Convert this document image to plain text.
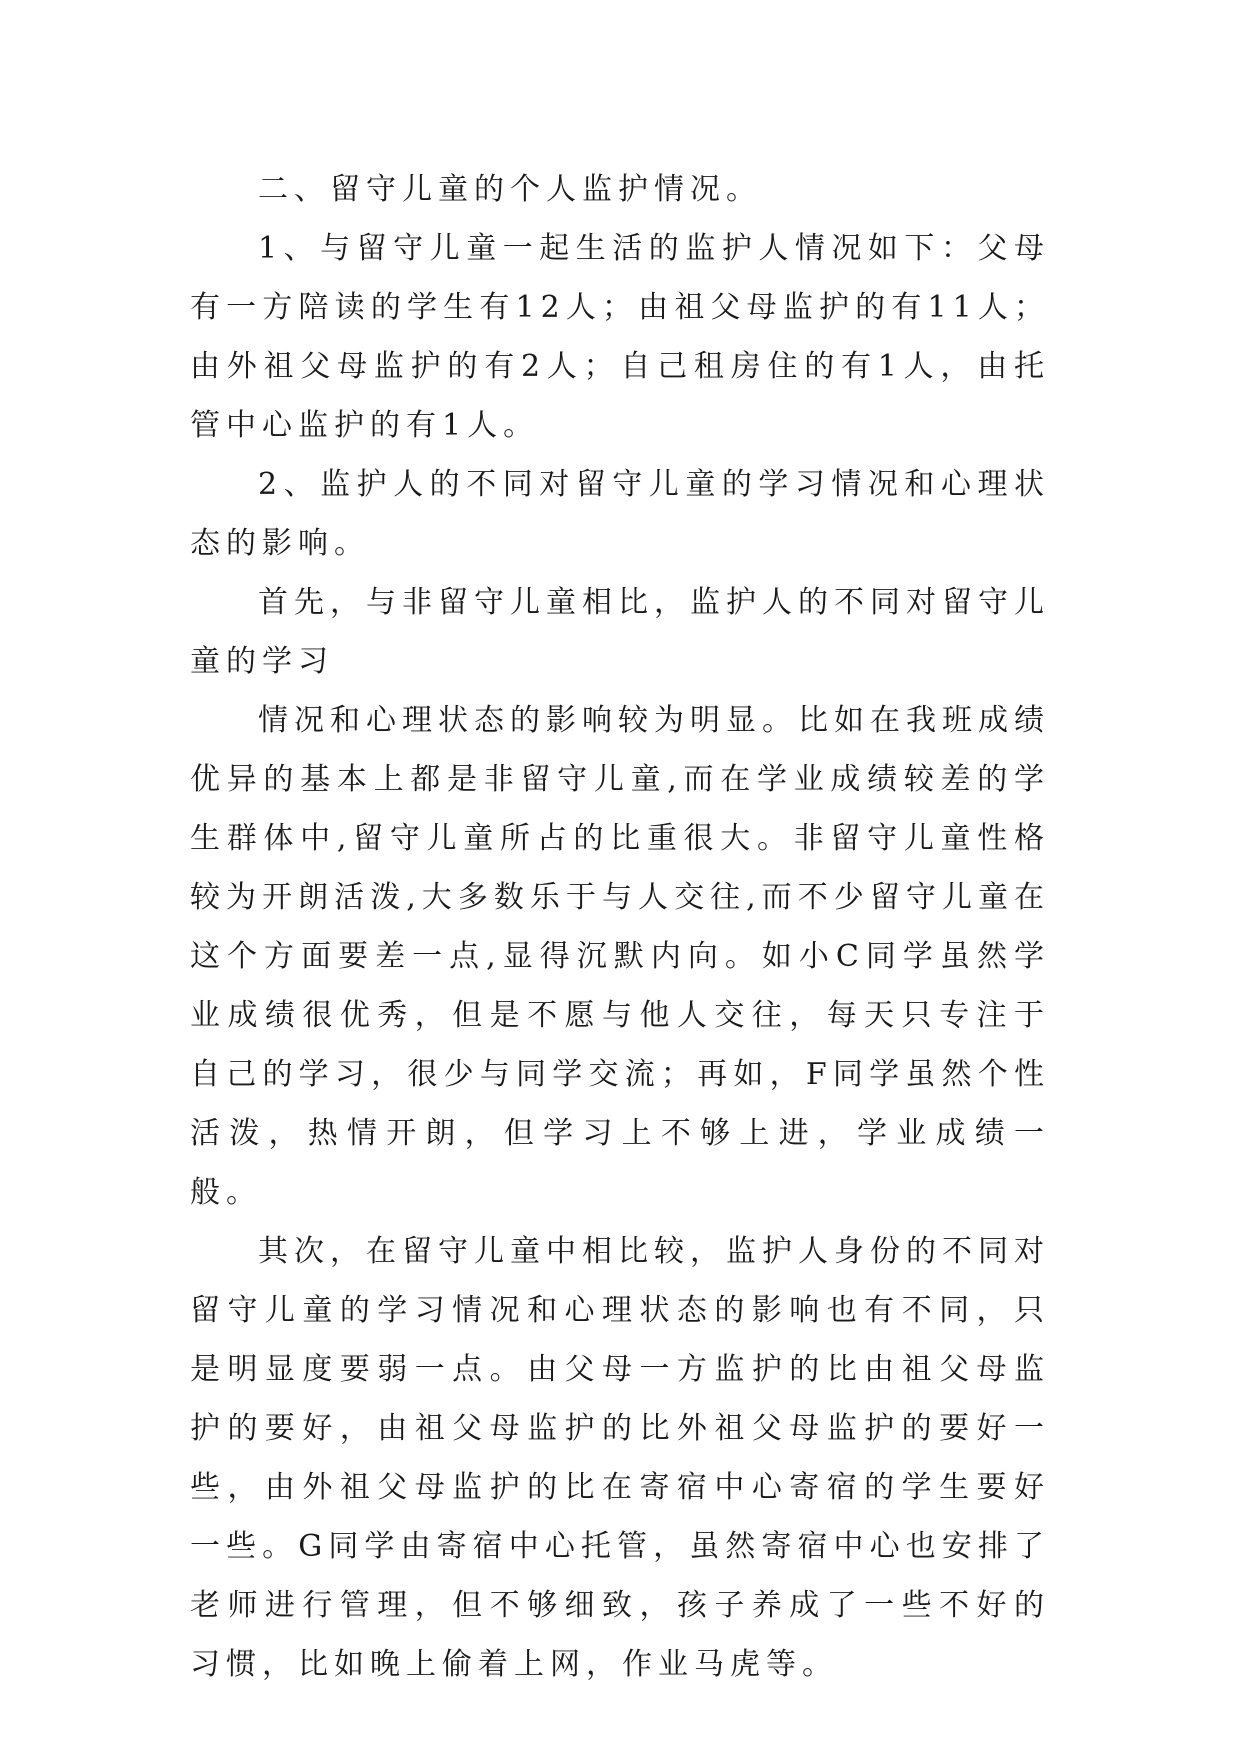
二、留守儿童的个人监护情况。

1、与留守儿童一起生活的监护人情况如下：父母有一方陪读的学生有12人；由祖父母监护的有11人；由外祖父母监护的有2人；自己租房住的有1人，由托管中心监护的有1人。

2、监护人的不同对留守儿童的学习情况和心理状态的影响。

首先，与非留守儿童相比，监护人的不同对留守儿童的学习

情况和心理状态的影响较为明显。比如在我班成绩优异的基本上都是非留守儿童,而在学业成绩较差的学生群体中,留守儿童所占的比重很大。非留守儿童性格较为开朗活泼,大多数乐于与人交往,而不少留守儿童在这个方面要差一点,显得沉默内向。如小C同学虽然学业成绩很优秀，但是不愿与他人交往，每天只专注于自己的学习，很少与同学交流；再如，F同学虽然个性活泼，热情开朗，但学习上不够上进，学业成绩一般。

其次，在留守儿童中相比较，监护人身份的不同对留守儿童的学习情况和心理状态的影响也有不同，只是明显度要弱一点。由父母一方监护的比由祖父母监护的要好，由祖父母监护的比外祖父母监护的要好一些，由外祖父母监护的比在寄宿中心寄宿的学生要好一些。G同学由寄宿中心托管，虽然寄宿中心也安排了老师进行管理，但不够细致，孩子养成了一些不好的习惯，比如晚上偷着上网，作业马虎等。
